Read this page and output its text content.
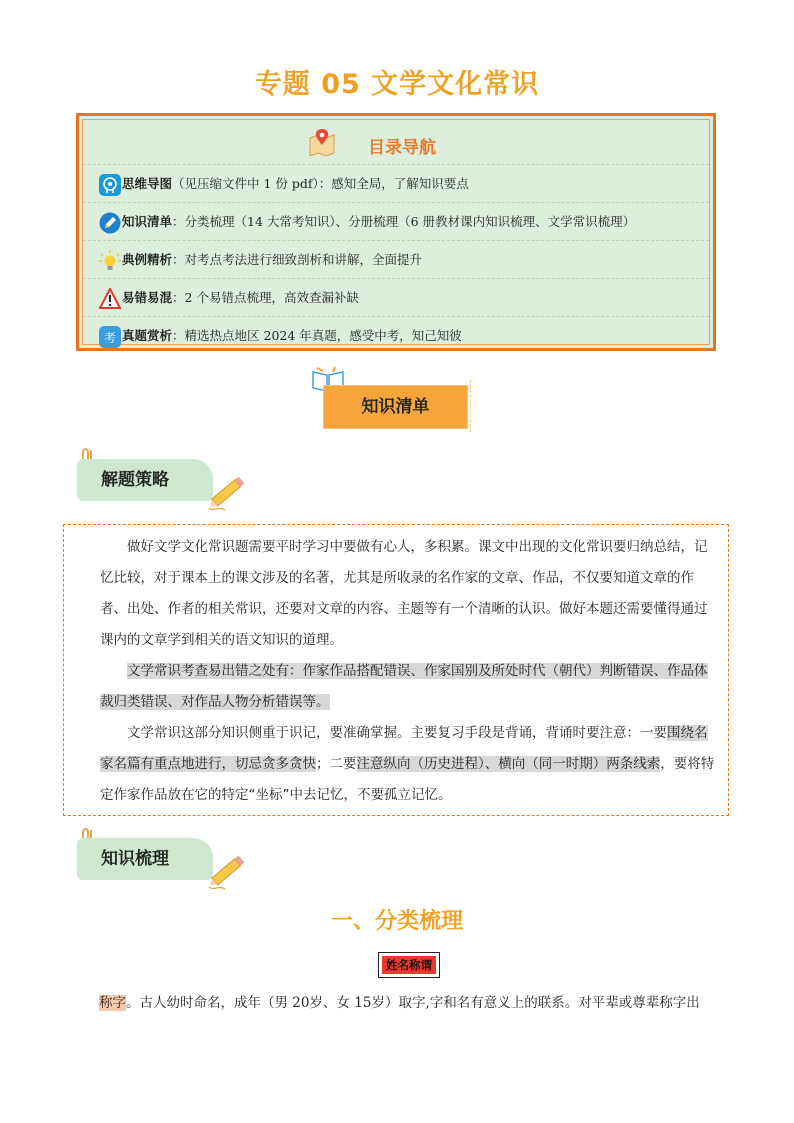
专题 05 文学文化常识
目录导航
思维导图（见压缩文件中 1 份 pdf）：感知全局，了解知识要点
知识清单：分类梳理（14 大常考知识）、分册梳理（6 册教材课内知识梳理、文学常识梳理）
典例精析：对考点考法进行细致剖析和讲解，全面提升
易错易混：2 个易错点梳理，高效查漏补缺
考 真题赏析：精选热点地区 2024 年真题，感受中考，知己知彼
知识清单
解题策略
做好文学文化常识题需要平时学习中要做有心人，多积累。课文中出现的文化常识要归纳总结，记忆比较，对于课本上的课文涉及的名著，尤其是所收录的名作家的文章、作品，不仅要知道文章的作者、出处、作者的相关常识，还要对文章的内容、主题等有一个清晰的认识。做好本题还需要懂得通过课内的文章学到相关的语文知识的道理。
文学常识考查易出错之处有：作家作品搭配错误、作家国别及所处时代（朝代）判断错误、作品体裁归类错误、对作品人物分析错误等。
文学常识这部分知识侧重于识记，要准确掌握。主要复习手段是背诵，背诵时要注意：一要围绕名家名篇有重点地进行，切忌贪多贪快；二要注意纵向（历史进程）、横向（同一时期）两条线索，要将特定作家作品放在它的特定“坐标”中去记忆，不要孤立记忆。
知识梳理
一、分类梳理
姓名称谓
称字。古人幼时命名，成年（男 20岁、女 15岁）取字,字和名有意义上的联系。对平辈或尊辈称字出
